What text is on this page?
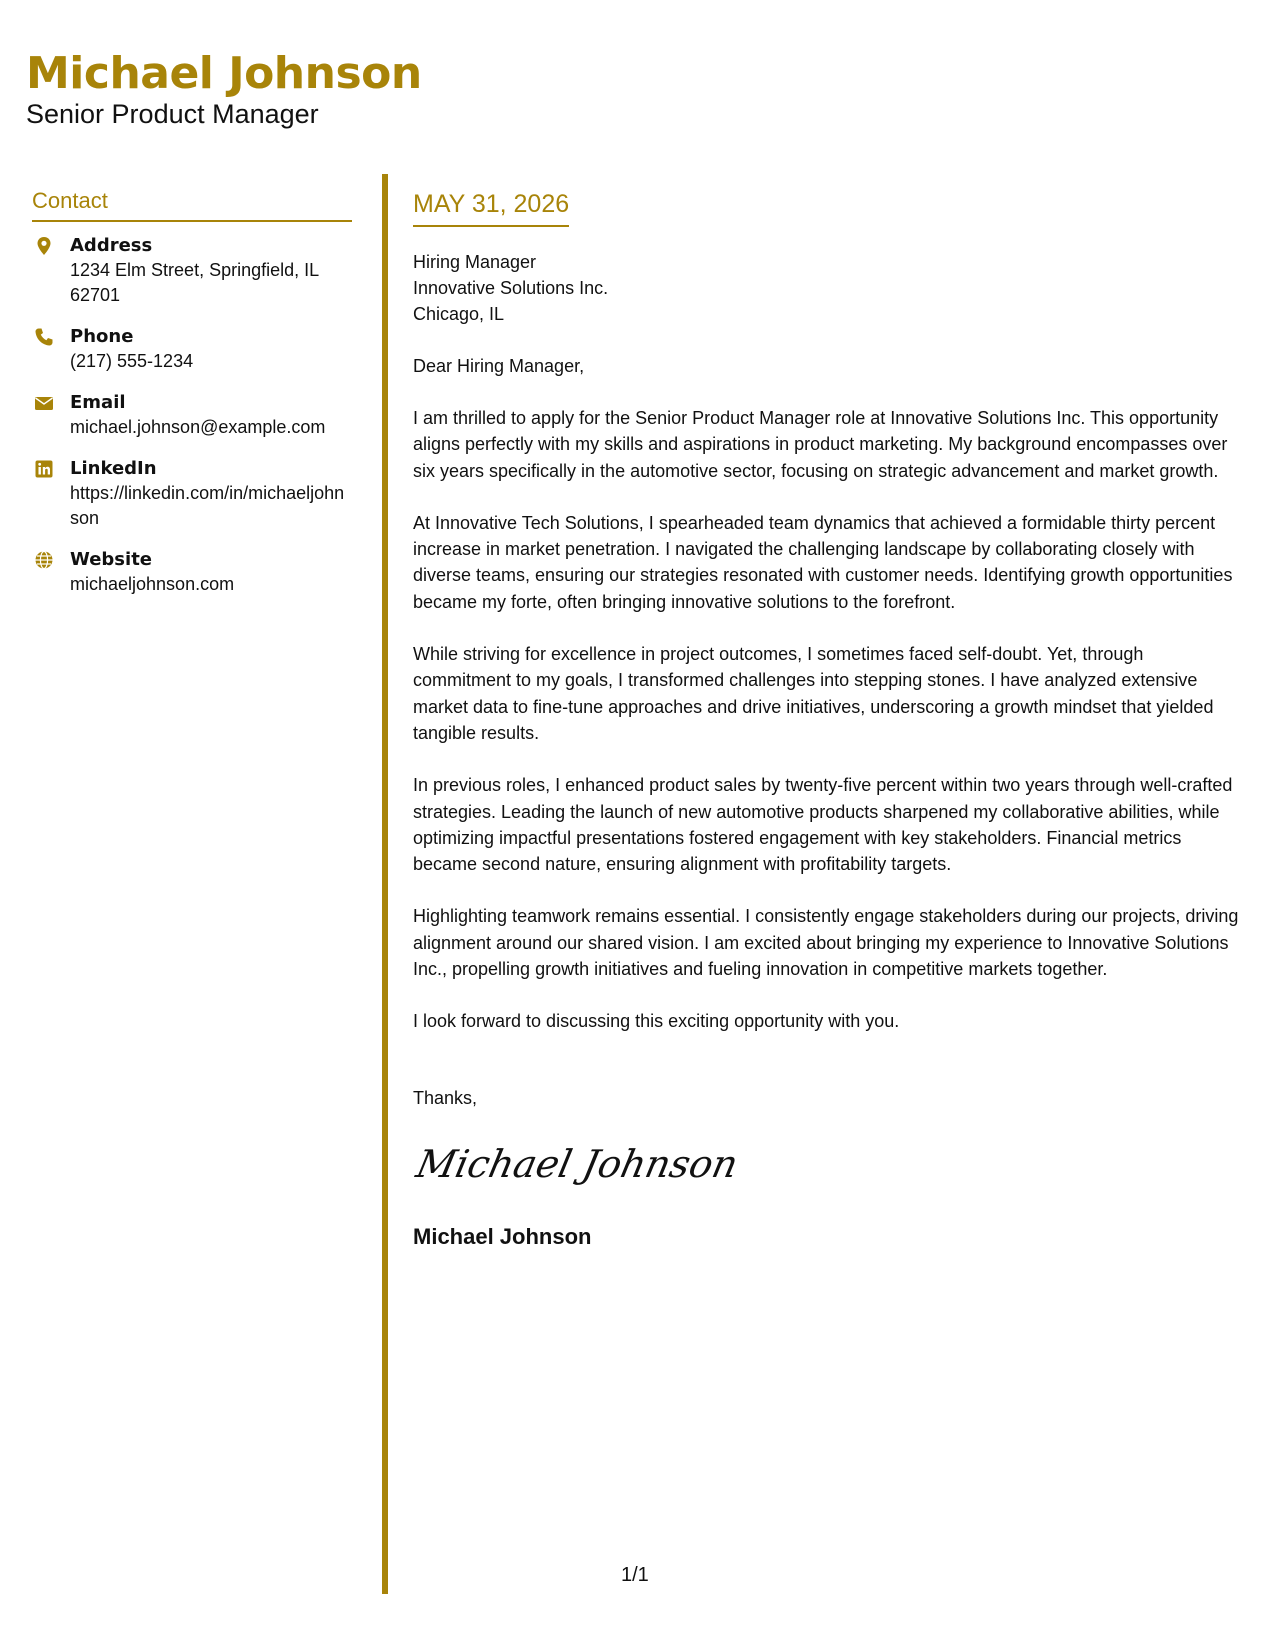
Michael Johnson
Senior Product Manager
Contact
Address
1234 Elm Street, Springfield, IL 62701
Phone
(217) 555-1234
Email
michael.johnson@example.com
LinkedIn
https://linkedin.com/in/michaeljohnson
Website
michaeljohnson.com
MAY 31, 2026
Hiring Manager
Innovative Solutions Inc.
Chicago, IL
Dear Hiring Manager,

I am thrilled to apply for the Senior Product Manager role at Innovative Solutions Inc. This opportunity aligns perfectly with my skills and aspirations in product marketing. My background encompasses over six years specifically in the automotive sector, focusing on strategic advancement and market growth.

At Innovative Tech Solutions, I spearheaded team dynamics that achieved a formidable thirty percent increase in market penetration. I navigated the challenging landscape by collaborating closely with diverse teams, ensuring our strategies resonated with customer needs. Identifying growth opportunities became my forte, often bringing innovative solutions to the forefront.

While striving for excellence in project outcomes, I sometimes faced self-doubt. Yet, through commitment to my goals, I transformed challenges into stepping stones. I have analyzed extensive market data to fine-tune approaches and drive initiatives, underscoring a growth mindset that yielded tangible results.

In previous roles, I enhanced product sales by twenty-five percent within two years through well-crafted strategies. Leading the launch of new automotive products sharpened my collaborative abilities, while optimizing impactful presentations fostered engagement with key stakeholders. Financial metrics became second nature, ensuring alignment with profitability targets.

Highlighting teamwork remains essential. I consistently engage stakeholders during our projects, driving alignment around our shared vision. I am excited about bringing my experience to Innovative Solutions Inc., propelling growth initiatives and fueling innovation in competitive markets together.

I look forward to discussing this exciting opportunity with you.

Thanks,
Michael Johnson
Michael Johnson
1/1
